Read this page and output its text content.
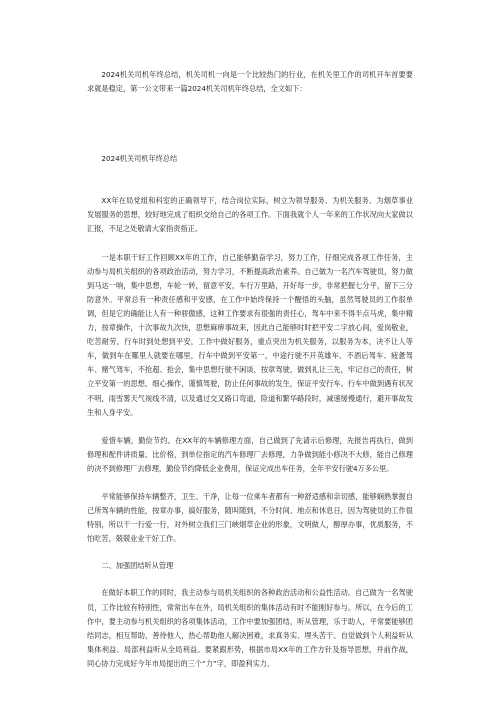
2024机关司机年终总结，机关司机一向是一个比较热门的行业，在机关里工作的司机开车首要要求就是稳定，第一公文带来一篇2024机关司机年终总结，全文如下：

2024机关司机年终总结

XX年在局党组和科室的正确领导下，结合岗位实际，树立为领导服务、为机关服务、为烟草事业发展服务的思想，较好地完成了组织交给自己的各项工作。下面我就个人一年来的工作状况向大家做以汇报，不足之处敬请大家指责指正。

一是本职干好工作回顾XX年的工作，自己能够勤奋学习，努力工作，仔细完成各项工作任务，主动参与局机关组织的各项政治活动，努力学习，不断提高政治素养。自己做为一名汽车驾驶员，努力做到马达一响，集中思想，车轮一转，留意平安，车行万里路，开好每一步，非常把握七分平，留下三分防意外。平常总有一种责任感和平安感，在工作中始终保持一个醒悟的头脑，虽然驾驶员的工作很单调，但是它的确能让人有一种骄傲感，这种工作要求有很强的责任心，驾车中来不得半点马虎，集中精力，按章操作，十次事故九次快，思想麻痹事故来，因此自己能够时时把平安二字放心间，爱岗敬业，吃苦耐劳，行车时到处想到平安，工作中做好服务，重点突出为机关服务，以服务为本，决不让人等车，做到车在哪里人就要在哪里，行车中做到平安第一，中途行驶不开英雄车、不酒后驾车、疲惫驾车、赌气驾车，不抢超、抢会，集中思想行驶不闲谈，按章驾驶，做到礼让三先，牢记自己的责任，树立平安第一的思想，细心操作，谨慎驾驶，防止任何事故的发生，保证平安行车。行车中做到遇有状况不明，雨雪雾天气视线不清，以及通过交叉路口弯道，险道和繁华路段时，减速缓慢通行，避开事故发生和人身平安。

爱惜车辆，勤俭节约。在XX年的车辆修理方面，自己做到了先请示后修理，先报告再执行，做到修理和配件讲质量、比价格，到单位指定的汽车修理厂去修理，力争做到能小修决不大修，能自己修理的决不到修理厂去修理，勤俭节约降低企业费用，保证完成出车任务，全年平安行驶4万多公里。

平常能够保持车辆整齐，卫生、干净，让每一位乘车者都有一种舒适感和亲切感，能够娴熟掌握自己所驾车辆的性能，按章办事，搞好服务，随叫随到，不分时间、地点和休息日，因为驾驶员的工作很特别，所以干一行爱一行，对外树立我们三门峡烟草企业的形象，文明做人，醇厚办事，优质服务，不怕吃苦，兢兢业业干好工作。

二、加强团结听从管理

在做好本职工作的同时，我主动参与局机关组织的各种政治活动和公益性活动。自己做为一名驾驶员，工作比较有特别性，常常出车在外，局机关组织的集体活动有时不能刚好参与。所以，在今后的工作中，要主动参与机关组织的各项集体活动，工作中要加强团结，听从管理，乐于助人，平常要能够团结同志，相互帮助，善待他人，热心帮助他人解决困难，求真务实、埋头苦干、自觉做到个人利益听从集体利益、局部利益听从全局利益。要紧跟形势，根据市局XX年的工作方针及指导思想，并前作战，同心协力完成好今年市局提出的三个“力”字，即盈利实力、
